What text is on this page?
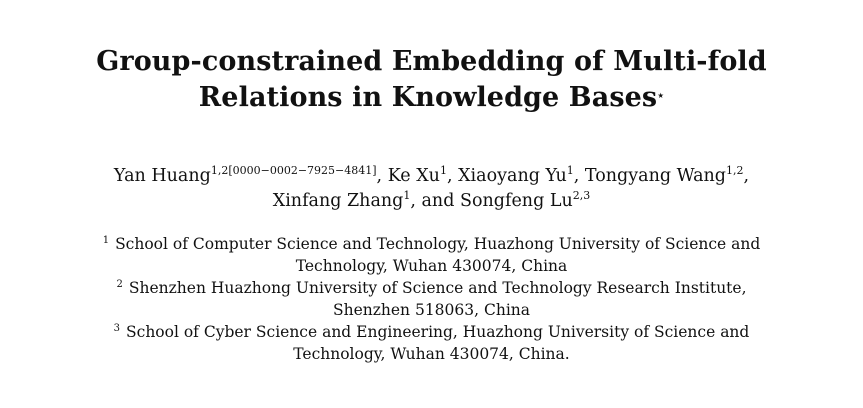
Group-constrained Embedding of Multi-fold
Relations in Knowledge Bases⋆
Yan Huang$^{1,2[0000-0002-7925-4841]}$, Ke Xu$^1$, Xiaoyang Yu$^1$, Tongyang Wang$^{1,2}$,
Xinfang Zhang$^1$, and Songfeng Lu$^{2,3}$
$^1$ School of Computer Science and Technology, Huazhong University of Science and
Technology, Wuhan 430074, China
$^2$ Shenzhen Huazhong University of Science and Technology Research Institute,
Shenzhen 518063, China
$^3$ School of Cyber Science and Engineering, Huazhong University of Science and
Technology, Wuhan 430074, China.
